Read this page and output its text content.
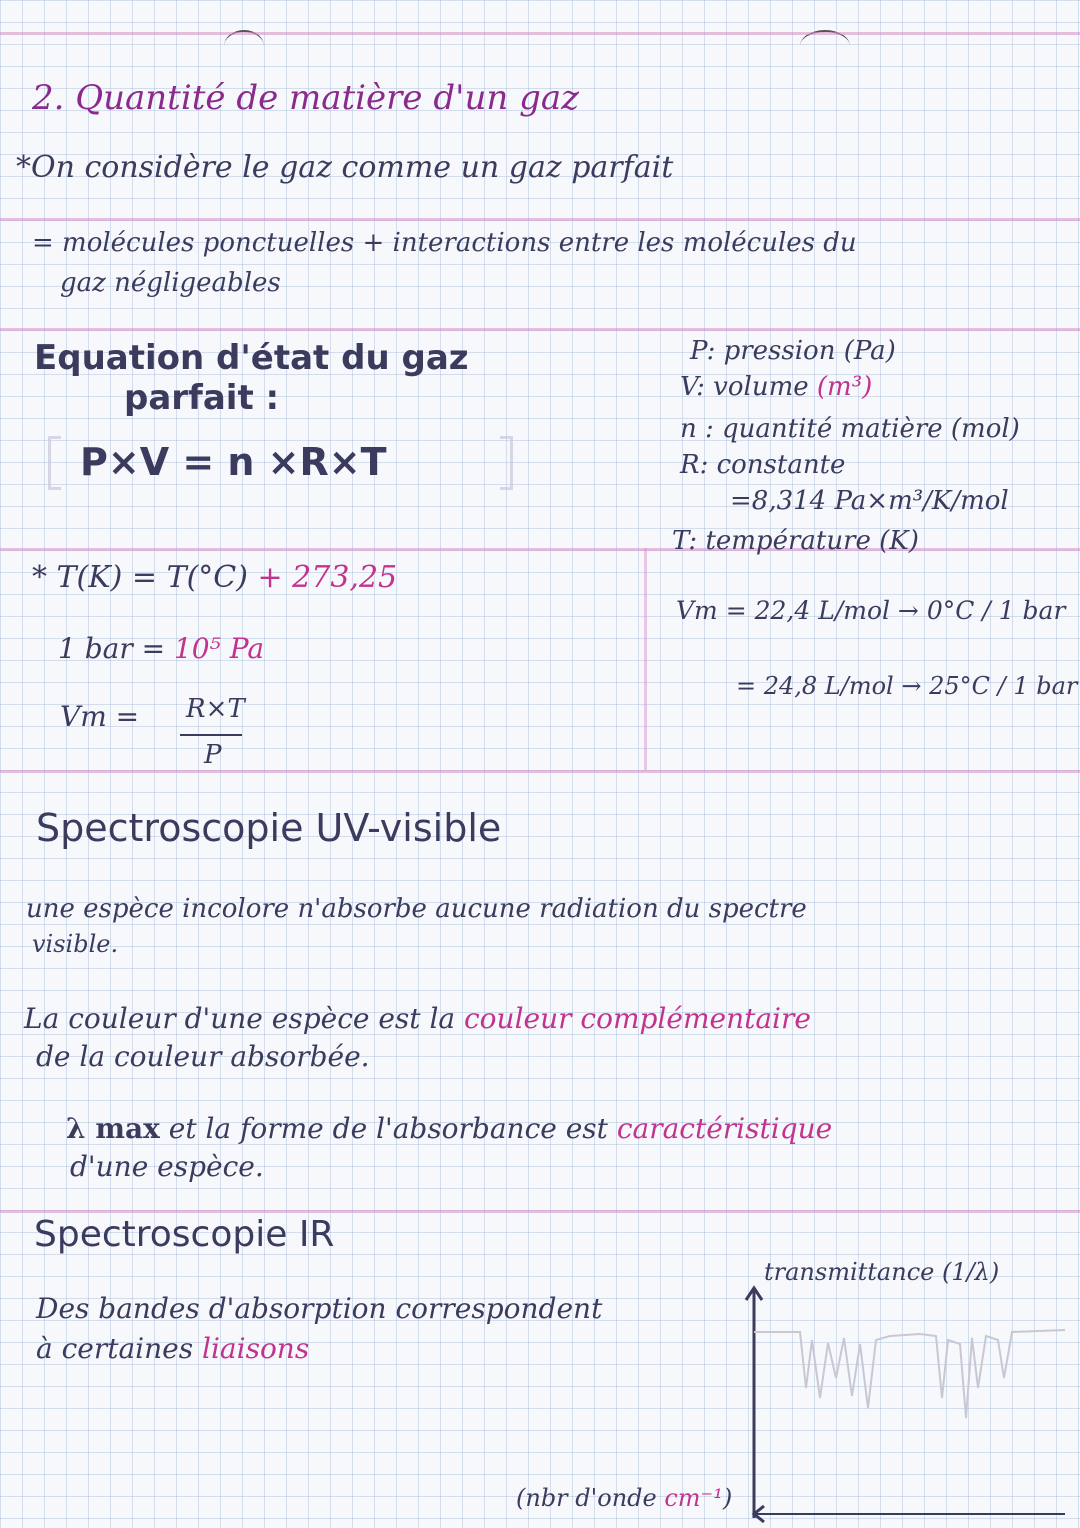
2. Quantité de matière d'un gaz
*On considère le gaz comme un gaz parfait
= molécules ponctuelles + interactions entre les molécules du
gaz négligeables
Equation d'état du gaz
parfait :
P×V = n ×R×T
P: pression (Pa)
V: volume (m³)
n : quantité matière (mol)
R: constante
=8,314 Pa×m³/K/mol
T: température (K)
* T(K) = T(°C) + 273,25
1 bar = 10⁵ Pa
Vm = R×T
P
Vm = 22,4 L/mol → 0°C / 1 bar
= 24,8 L/mol → 25°C / 1 bar
Spectroscopie UV-visible
une espèce incolore n'absorbe aucune radiation du spectre
visible.
La couleur d'une espèce est la couleur complémentaire
de la couleur absorbée.
λ max et la forme de l'absorbance est caractéristique
d'une espèce.
Spectroscopie IR
Des bandes d'absorption correspondent
à certaines liaisons
transmittance (1/λ)
(nbr d'onde cm⁻¹)
